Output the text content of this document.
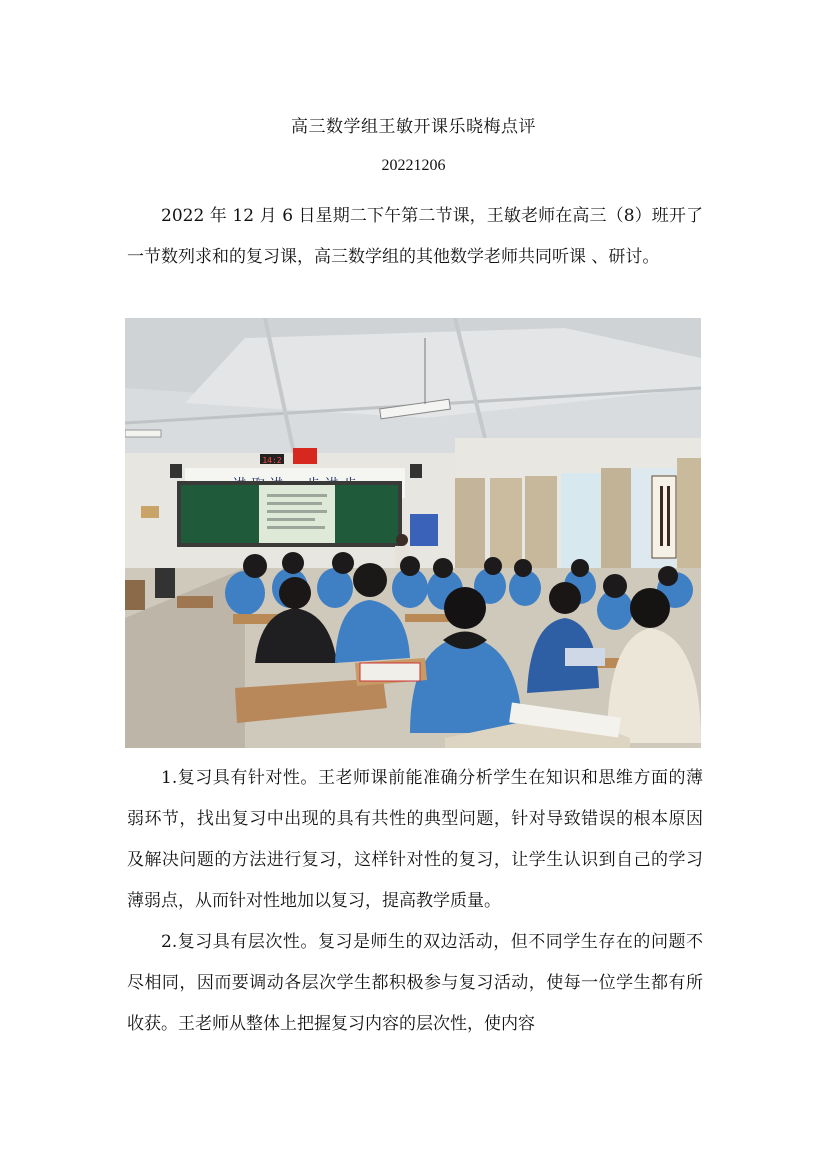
高三数学组王敏开课乐晓梅点评
20221206

2022 年 12 月 6 日星期二下午第二节课，王敏老师在高三（8）班开了一节数列求和的复习课，高三数学组的其他数学老师共同听课 、研讨。

14:2

1.复习具有针对性。王老师课前能准确分析学生在知识和思维方面的薄弱环节，找出复习中出现的具有共性的典型问题，针对导致错误的根本原因及解决问题的方法进行复习，这样针对性的复习，让学生认识到自己的学习薄弱点，从而针对性地加以复习，提高教学质量。

2.复习具有层次性。复习是师生的双边活动，但不同学生存在的问题不尽相同，因而要调动各层次学生都积极参与复习活动，使每一位学生都有所收获。王老师从整体上把握复习内容的层次性，使内容
